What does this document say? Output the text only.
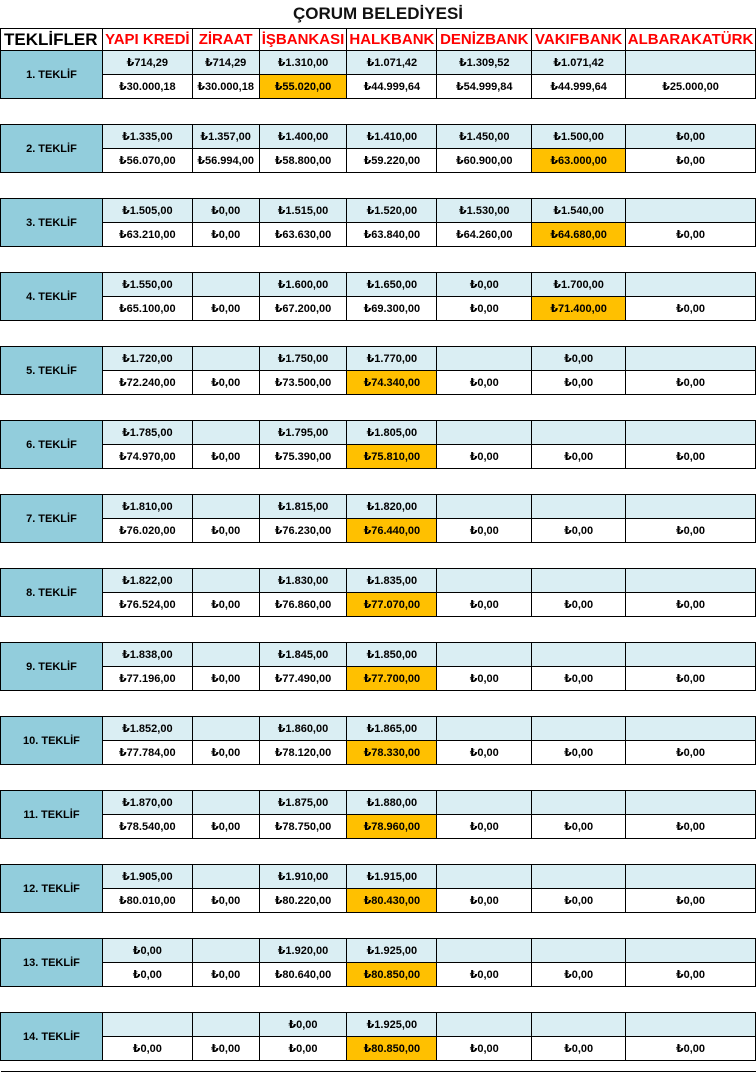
ÇORUM BELEDİYESİ
TEKLİFLER	YAPI KREDİ	ZİRAAT	İŞBANKASI	HALKBANK	DENİZBANK	VAKIFBANK	ALBARAKATÜRK
1. TEKLİF	₺714,29	₺714,29	₺1.310,00	₺1.071,42	₺1.309,52	₺1.071,42	
	₺30.000,18	₺30.000,18	₺55.020,00	₺44.999,64	₺54.999,84	₺44.999,64	₺25.000,00

2. TEKLİF	₺1.335,00	₺1.357,00	₺1.400,00	₺1.410,00	₺1.450,00	₺1.500,00	₺0,00
	₺56.070,00	₺56.994,00	₺58.800,00	₺59.220,00	₺60.900,00	₺63.000,00	₺0,00

3. TEKLİF	₺1.505,00	₺0,00	₺1.515,00	₺1.520,00	₺1.530,00	₺1.540,00	
	₺63.210,00	₺0,00	₺63.630,00	₺63.840,00	₺64.260,00	₺64.680,00	₺0,00

4. TEKLİF	₺1.550,00		₺1.600,00	₺1.650,00	₺0,00	₺1.700,00	
	₺65.100,00	₺0,00	₺67.200,00	₺69.300,00	₺0,00	₺71.400,00	₺0,00

5. TEKLİF	₺1.720,00		₺1.750,00	₺1.770,00		₺0,00	
	₺72.240,00	₺0,00	₺73.500,00	₺74.340,00	₺0,00	₺0,00	₺0,00

6. TEKLİF	₺1.785,00		₺1.795,00	₺1.805,00			
	₺74.970,00	₺0,00	₺75.390,00	₺75.810,00	₺0,00	₺0,00	₺0,00

7. TEKLİF	₺1.810,00		₺1.815,00	₺1.820,00			
	₺76.020,00	₺0,00	₺76.230,00	₺76.440,00	₺0,00	₺0,00	₺0,00

8. TEKLİF	₺1.822,00		₺1.830,00	₺1.835,00			
	₺76.524,00	₺0,00	₺76.860,00	₺77.070,00	₺0,00	₺0,00	₺0,00

9. TEKLİF	₺1.838,00		₺1.845,00	₺1.850,00			
	₺77.196,00	₺0,00	₺77.490,00	₺77.700,00	₺0,00	₺0,00	₺0,00

10. TEKLİF	₺1.852,00		₺1.860,00	₺1.865,00			
	₺77.784,00	₺0,00	₺78.120,00	₺78.330,00	₺0,00	₺0,00	₺0,00

11. TEKLİF	₺1.870,00		₺1.875,00	₺1.880,00			
	₺78.540,00	₺0,00	₺78.750,00	₺78.960,00	₺0,00	₺0,00	₺0,00

12. TEKLİF	₺1.905,00		₺1.910,00	₺1.915,00			
	₺80.010,00	₺0,00	₺80.220,00	₺80.430,00	₺0,00	₺0,00	₺0,00

13. TEKLİF	₺0,00		₺1.920,00	₺1.925,00			
	₺0,00	₺0,00	₺80.640,00	₺80.850,00	₺0,00	₺0,00	₺0,00

14. TEKLİF			₺0,00	₺1.925,00			
	₺0,00	₺0,00	₺0,00	₺80.850,00	₺0,00	₺0,00	₺0,00
